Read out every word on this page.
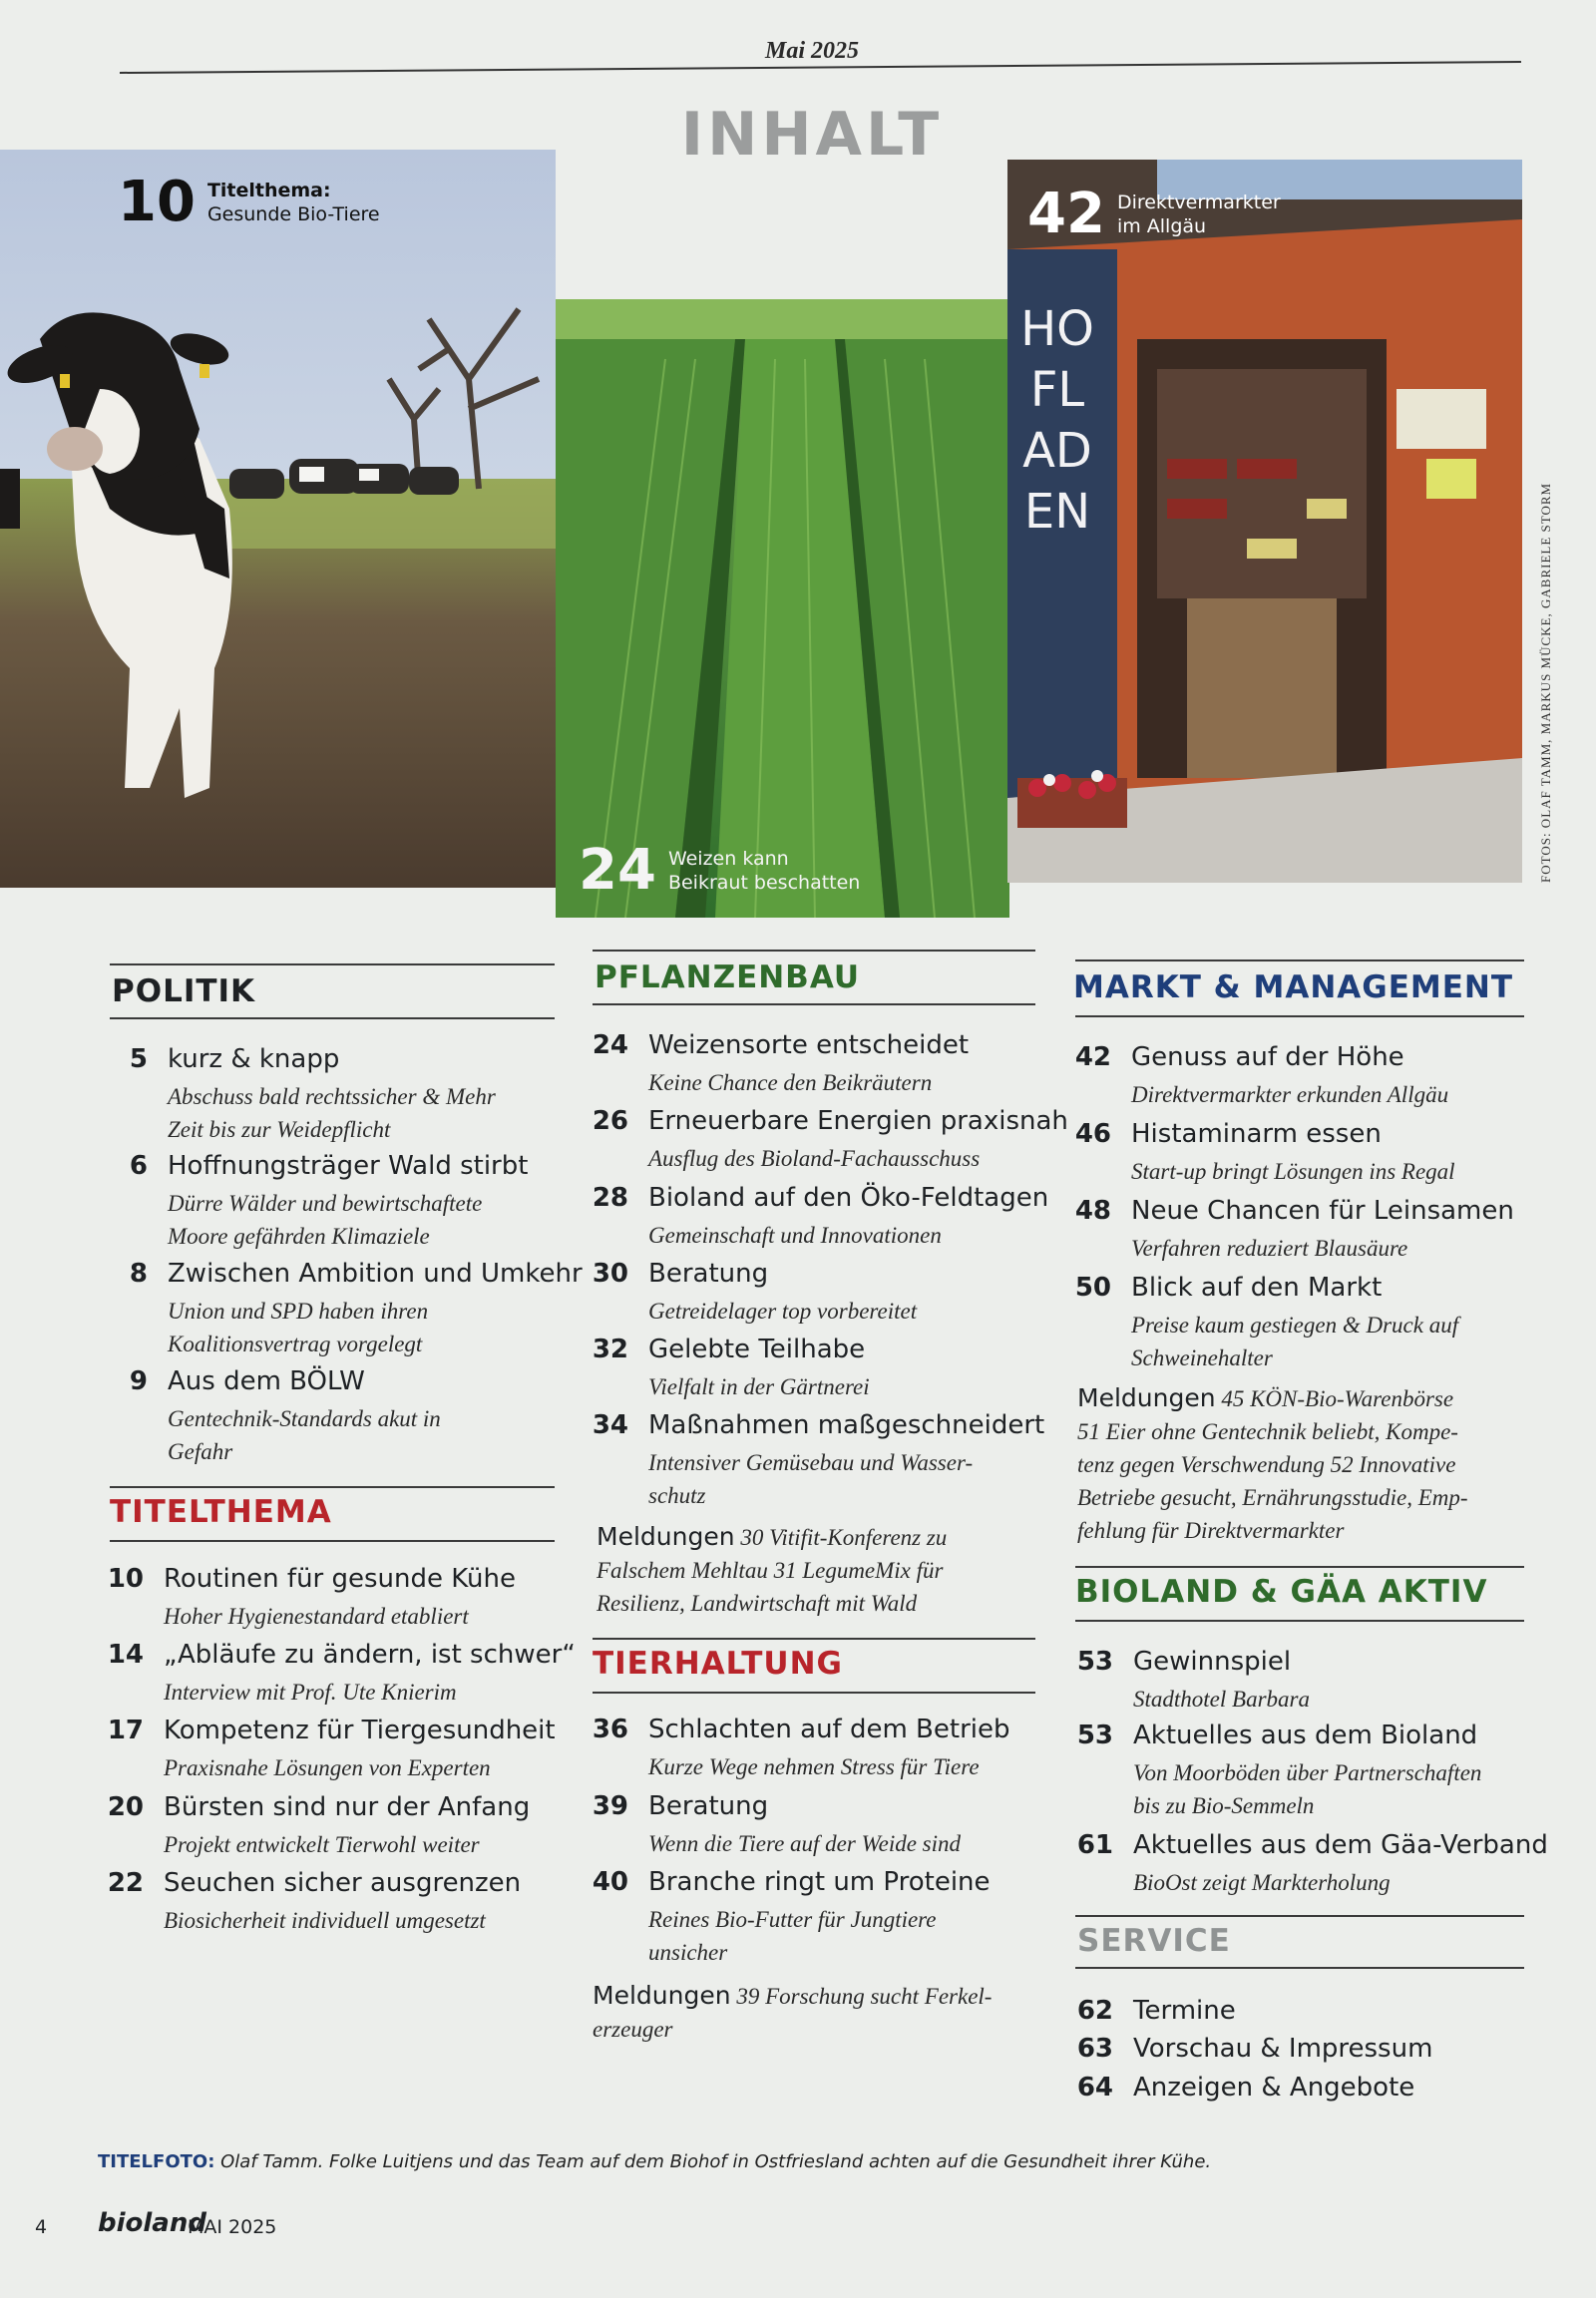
Mai 2025
INHALT
10 Titelthema:
Gesunde Bio-Tiere
24 Weizen kann
Beikraut beschatten
HOFLADEN
42 Direktvermarkter
im Allgäu
FOTOS: OLAF TAMM, MARKUS MÜCKE, GABRIELE STORM
POLITIK
5 kurz & knapp
Abschuss bald rechtssicher & Mehr
Zeit bis zur Weidepflicht
6 Hoffnungsträger Wald stirbt
Dürre Wälder und bewirtschaftete
Moore gefährden Klimaziele
8 Zwischen Ambition und Umkehr
Union und SPD haben ihren
Koalitionsvertrag vorgelegt
9 Aus dem BÖLW
Gentechnik-Standards akut in
Gefahr
TITELTHEMA
10 Routinen für gesunde Kühe
Hoher Hygienestandard etabliert
14 „Abläufe zu ändern, ist schwer“
Interview mit Prof. Ute Knierim
17 Kompetenz für Tiergesundheit
Praxisnahe Lösungen von Experten
20 Bürsten sind nur der Anfang
Projekt entwickelt Tierwohl weiter
22 Seuchen sicher ausgrenzen
Biosicherheit individuell umgesetzt
PFLANZENBAU
24 Weizensorte entscheidet
Keine Chance den Beikräutern
26 Erneuerbare Energien praxisnah
Ausflug des Bioland-Fachausschuss
28 Bioland auf den Öko-Feldtagen
Gemeinschaft und Innovationen
30 Beratung
Getreidelager top vorbereitet
32 Gelebte Teilhabe
Vielfalt in der Gärtnerei
34 Maßnahmen maßgeschneidert
Intensiver Gemüsebau und Wasser-
schutz
Meldungen 30 Vitifit-Konferenz zu
Falschem Mehltau 31 LegumeMix für
Resilienz, Landwirtschaft mit Wald
TIERHALTUNG
36 Schlachten auf dem Betrieb
Kurze Wege nehmen Stress für Tiere
39 Beratung
Wenn die Tiere auf der Weide sind
40 Branche ringt um Proteine
Reines Bio-Futter für Jungtiere
unsicher
Meldungen 39 Forschung sucht Ferkel-
erzeuger
MARKT & MANAGEMENT
42 Genuss auf der Höhe
Direktvermarkter erkunden Allgäu
46 Histaminarm essen
Start-up bringt Lösungen ins Regal
48 Neue Chancen für Leinsamen
Verfahren reduziert Blausäure
50 Blick auf den Markt
Preise kaum gestiegen & Druck auf
Schweinehalter
Meldungen 45 KÖN-Bio-Warenbörse
51 Eier ohne Gentechnik beliebt, Kompe-
tenz gegen Verschwendung 52 Innovative
Betriebe gesucht, Ernährungsstudie, Emp-
fehlung für Direktvermarkter
BIOLAND & GÄA AKTIV
53 Gewinnspiel
Stadthotel Barbara
53 Aktuelles aus dem Bioland
Von Moorböden über Partnerschaften
bis zu Bio-Semmeln
61 Aktuelles aus dem Gäa-Verband
BioOst zeigt Markterholung
SERVICE
62 Termine
63 Vorschau & Impressum
64 Anzeigen & Angebote
TITELFOTO: Olaf Tamm. Folke Luitjens und das Team auf dem Biohof in Ostfriesland achten auf die Gesundheit ihrer Kühe.
4 bioland
MAI 2025
